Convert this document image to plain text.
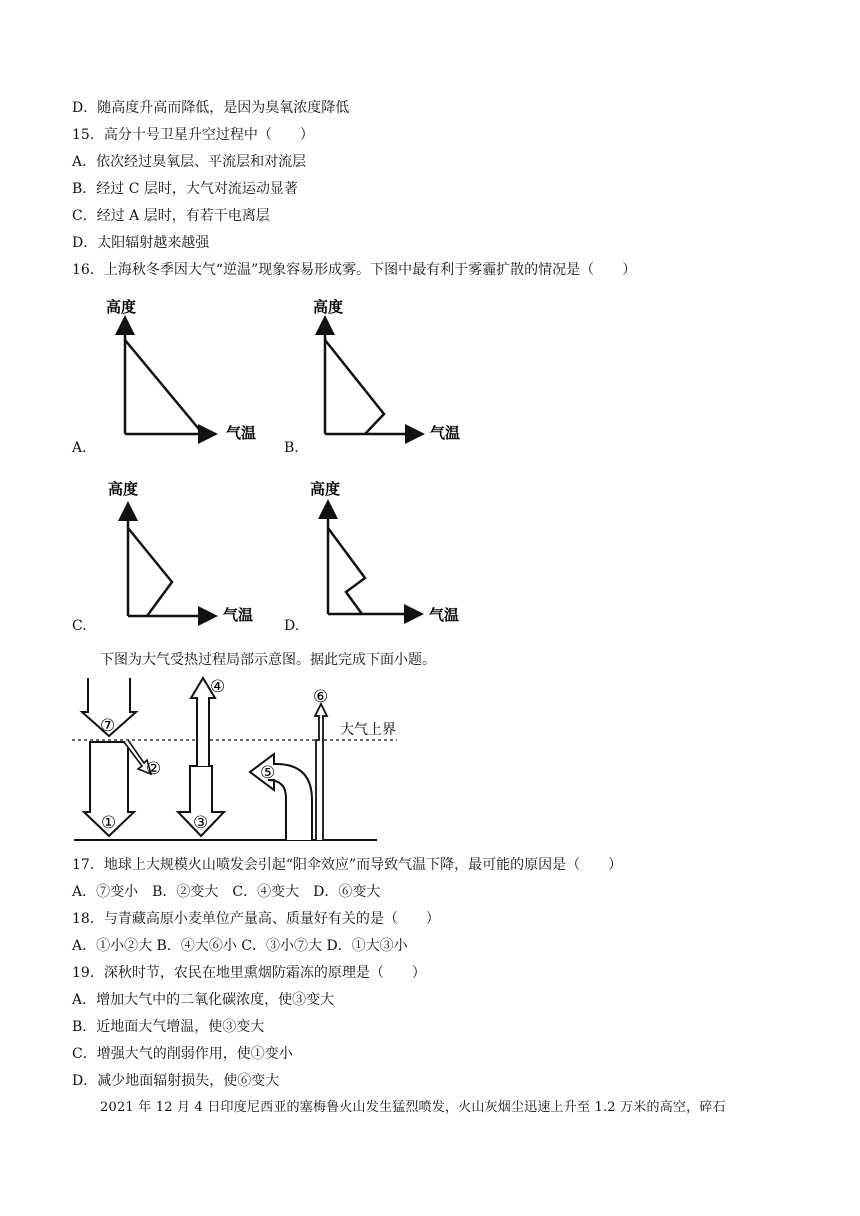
D．随高度升高而降低，是因为臭氧浓度降低
15．高分十号卫星升空过程中（　　）
A．依次经过臭氧层、平流层和对流层
B．经过 C 层时，大气对流运动显著
C．经过 A 层时，有若干电离层
D．太阳辐射越来越强
16．上海秋冬季因大气“逆温”现象容易形成雾。下图中最有利于雾霾扩散的情况是（　　）
高度
气温
A.
高度
气温
B.
高度
气温
C.
高度
气温
D.
下图为大气受热过程局部示意图。据此完成下面小题。
⑦
①
②
③
④
⑤
⑥
大气上界
17．地球上大规模火山喷发会引起“阳伞效应”而导致气温下降，最可能的原因是（　　）
A．⑦变小　B．②变大　C．④变大　D．⑥变大
18．与青藏高原小麦单位产量高、质量好有关的是（　　）
A．①小②大 B．④大⑥小 C．③小⑦大 D．①大③小
19．深秋时节，农民在地里熏烟防霜冻的原理是（　　）
A．增加大气中的二氧化碳浓度，使③变大
B．近地面大气增温，使③变大
C．增强大气的削弱作用，使①变小
D．减少地面辐射损失，使⑥变大
2021 年 12 月 4 日印度尼西亚的塞梅鲁火山发生猛烈喷发，火山灰烟尘迅速上升至 1.2 万米的高空，碎石
